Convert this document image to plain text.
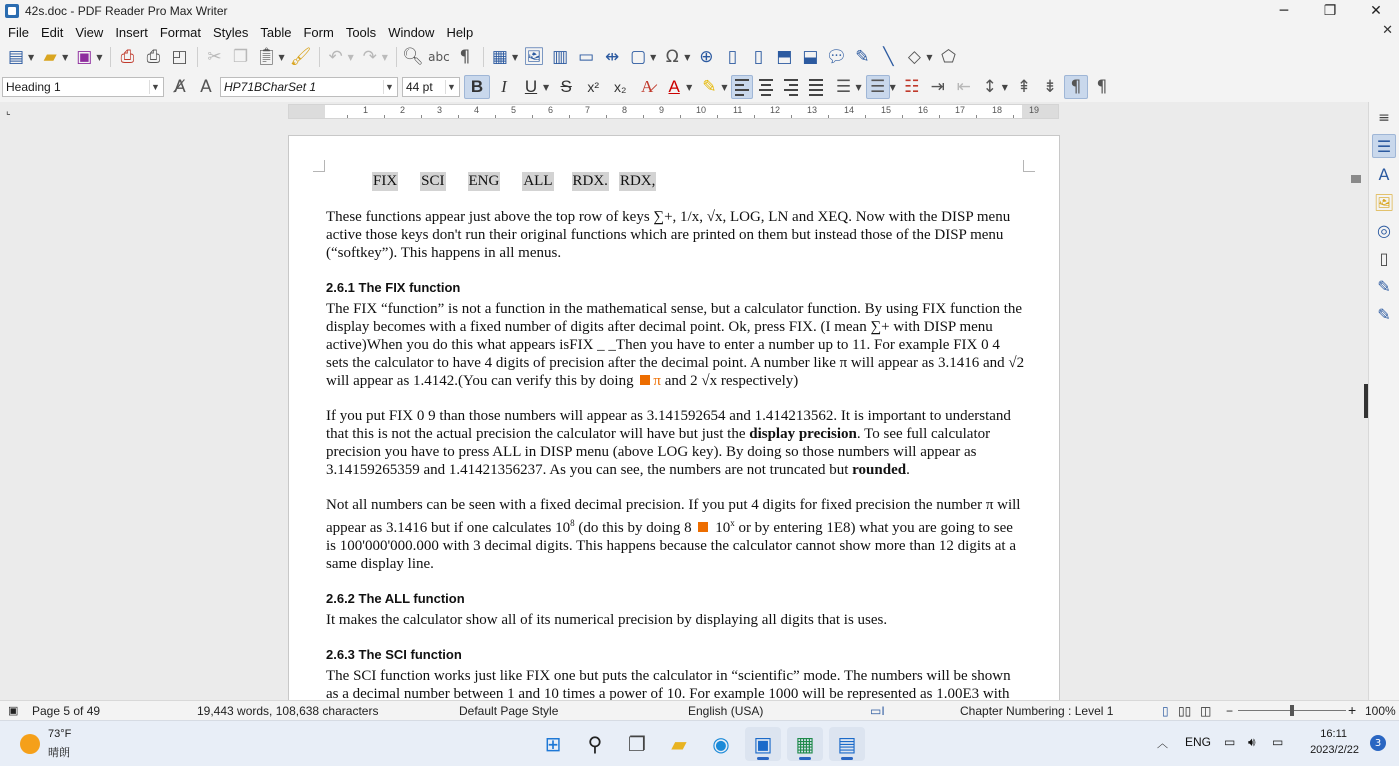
42s.doc - PDF Reader Pro Max Writer	─	❐	✕
File Edit View Insert Format Styles Table Form Tools Window Help	✕
▤ ▼ ▰ ▼ ▣ ▼	⎙ ⎙ ◰ ✂ ❐ 📋︎ ▼ 🖌︎ ↶ ▼ ↷ ▼ 🔍︎ abc ¶	▦ ▼ 🖼︎ ▥ ▭ ⇹ ▢ ▼ Ω ▼ ⊕ ▯ ▯ ⬒ ⬓ 💬︎ ✎ ╲ ◇ ▼ ⬠
Heading 1	▼ A̸ A	HP71BCharSet 1	▼ 44 pt ▼ B	I	U ▼ S	x²	x₂ A̷ A ▼ ✎ ▼	☰ ▼ ☰ ▼ ☷ ⇥ ⇤ ↕ ▼ ⇞ ⇟ ¶ ¶
⌞	1	2	3	4	5	6	7	8	9	10	11	12	13	14	15	16	17	18	19
FIX SCI ENG ALL RDX. RDX,

These functions appear just above the top row of keys ∑+, 1/x, √x, LOG, LN and XEQ. Now with the DISP menu active those keys don't run their original functions which are printed on them but instead those of the DISP menu (“softkey”). This happens in all menus.

2.6.1 The FIX function

The FIX “function” is not a function in the mathematical sense, but a calculator function. By using FIX function the display becomes with a fixed number of digits after decimal point. Ok, press FIX. (I mean ∑+ with DISP menu active)When you do this what appears isFIX _ _Then you have to enter a number up to 11. For example FIX 0 4 sets the calculator to have 4 digits of precision after the decimal point. A number like π will appear as 3.1416 and √2 will appear as 1.4142.(You can verify this by doing π and 2 √x respectively)

If you put FIX 0 9 than those numbers will appear as 3.141592654 and 1.414213562. It is important to understand that this is not the actual precision the calculator will have but just the display precision. To see full calculator precision you have to press ALL in DISP menu (above LOG key). By doing so those numbers will appear as 3.14159265359 and 1.41421356237. As you can see, the numbers are not truncated but rounded.

Not all numbers can be seen with a fixed decimal precision. If you put 4 digits for fixed precision the number π will appear as 3.1416 but if one calculates $10^8$ (do this by doing 8 10$^x$ or by entering 1E8) what you are going to see is 100'000'000.000 with 3 decimal digits. This happens because the calculator cannot show more than 12 digits at a same display line.

2.6.2 The ALL function

It makes the calculator show all of its numerical precision by displaying all digits that is uses.

2.6.3 The SCI function

The SCI function works just like FIX one but puts the calculator in “scientific” mode. The numbers will be shown as a decimal number between 1 and 10 times a power of 10. For example 1000 will be represented as 1.00E3 with

≡
☰
A
🖼︎
◎
▯
✎
✎
▣ Page 5 of 49	19,443 words, 108,638 characters	Default Page Style	English (USA)	▭I	Chapter Numbering : Level 1	▯ ▯▯ ◫ −	+ 100%
73°F
晴朗	⊞	⚲	❐	▰	◉	▣	▦	▤	︿ ENG ▭ 🔊︎ ▭
16:11
2023/2/22
3
